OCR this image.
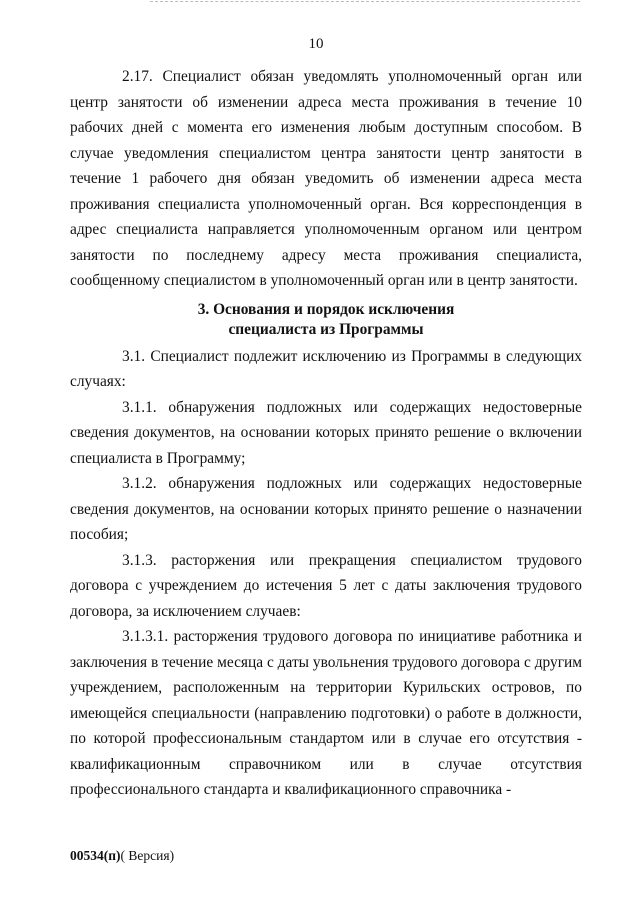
10

2.17. Специалист обязан уведомлять уполномоченный орган или центр занятости об изменении адреса места проживания в течение 10 рабочих дней с момента его изменения любым доступным способом. В случае уведомления специалистом центра занятости центр занятости в течение 1 рабочего дня обязан уведомить об изменении адреса места проживания специалиста уполномоченный орган. Вся корреспонденция в адрес специалиста направляется уполномоченным органом или центром занятости по последнему адресу места проживания специалиста, сообщенному специалистом в уполномоченный орган или в центр занятости.

3. Основания и порядок исключения
специалиста из Программы

3.1. Специалист подлежит исключению из Программы в следующих случаях:

3.1.1. обнаружения подложных или содержащих недостоверные сведения документов, на основании которых принято решение о включении специалиста в Программу;

3.1.2. обнаружения подложных или содержащих недостоверные сведения документов, на основании которых принято решение о назначении пособия;

3.1.3. расторжения или прекращения специалистом трудового договора с учреждением до истечения 5 лет с даты заключения трудового договора, за исключением случаев:

3.1.3.1. расторжения трудового договора по инициативе работника и заключения в течение месяца с даты увольнения трудового договора с другим учреждением, расположенным на территории Курильских островов, по имеющейся специальности (направлению подготовки) о работе в должности, по которой профессиональным стандартом или в случае его отсутствия - квалификационным справочником или в случае отсутствия профессионального стандарта и квалификационного справочника -

00534(п)( Версия)
